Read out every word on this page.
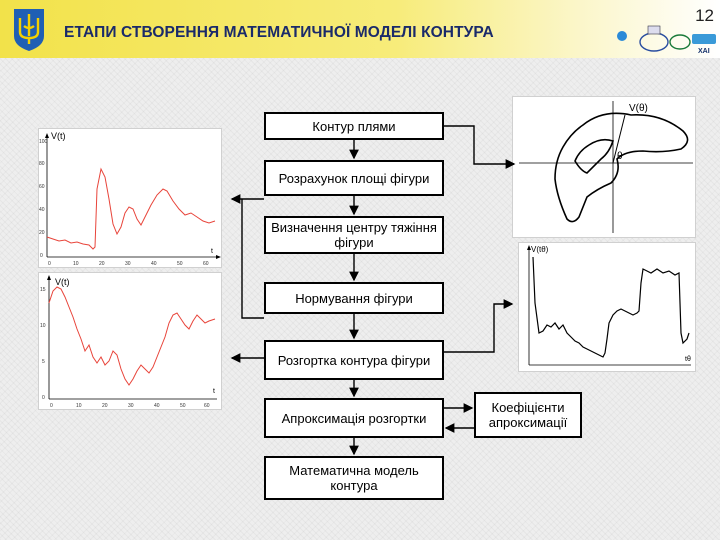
ЕТАПИ СТВОРЕННЯ МАТЕМАТИЧНОЇ МОДЕЛІ КОНТУРА
12
ХАІ
V(t)
t
0	10	20	30	40	50	60
0
20
40
60
80
100
V(t)
t
0	10	20	30	40	50	60
0
5
10
15
V(θ)
θ
V(tθ)
tθ
Контур плями
Розрахунок площі фігури
Визначення центру тяжіння фігури
Нормування фігури
Розгортка контура фігури
Апроксимація розгортки
Математична модель контура
Коефіцієнти апроксимації
